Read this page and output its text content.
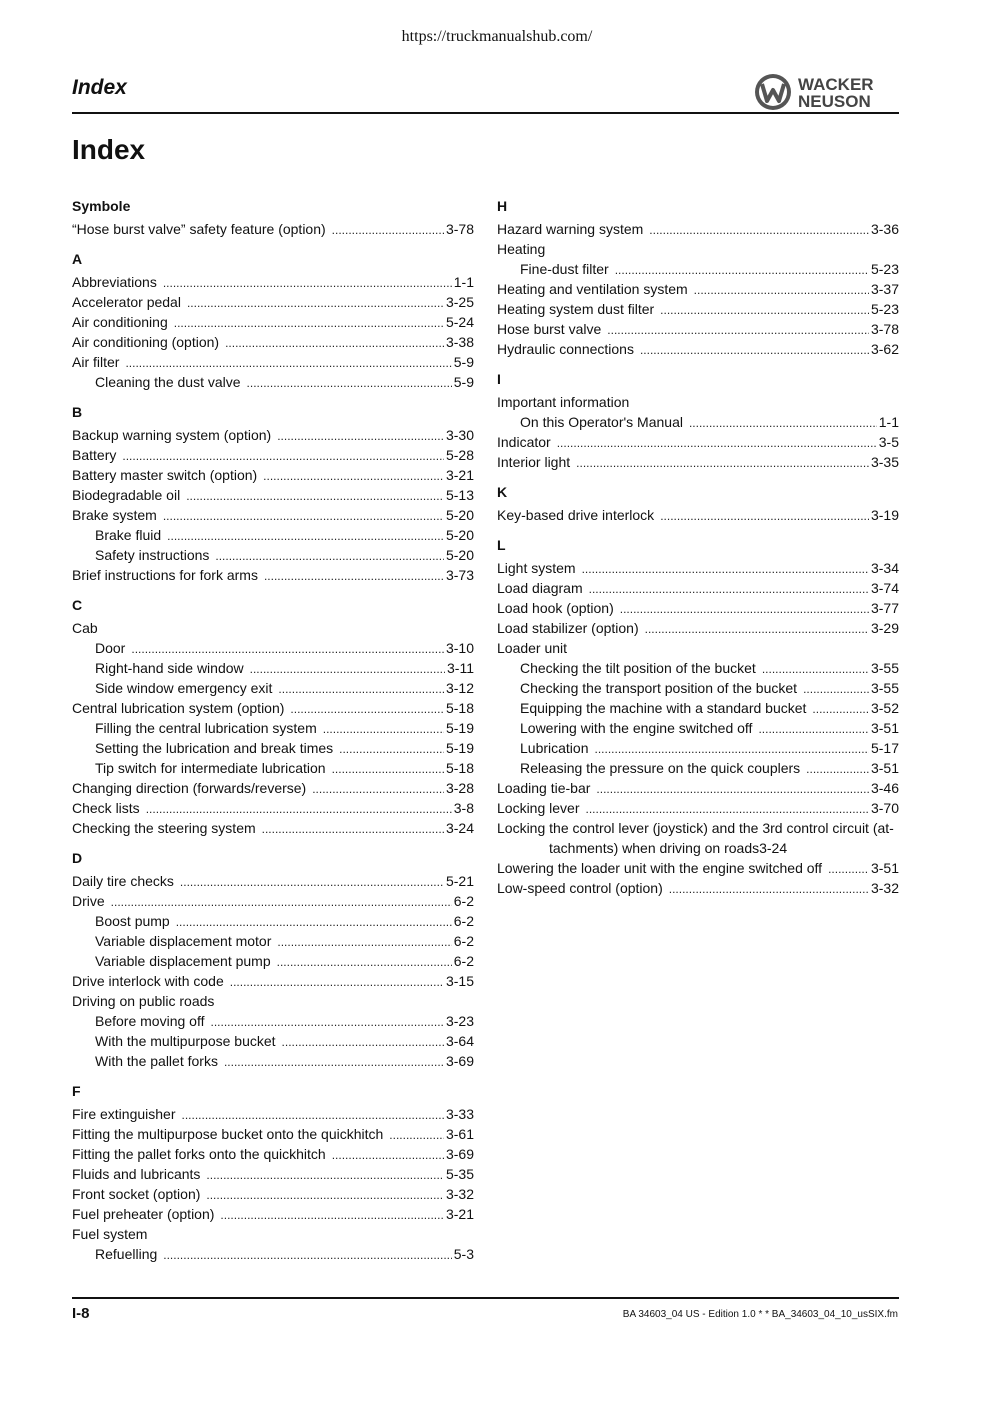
https://truckmanualshub.com/
Index	WACKER
NEUSON
Index
Symbole
“Hose burst valve” safety feature (option) .....	3-78
A
Abbreviations .....	1-1
Accelerator pedal .....	3-25
Air conditioning .....	5-24
Air conditioning (option) .....	3-38
Air filter .....	5-9
Cleaning the dust valve .....	5-9
B
Backup warning system (option) .....	3-30
Battery .....	5-28
Battery master switch (option) .....	3-21
Biodegradable oil .....	5-13
Brake system .....	5-20
Brake fluid .....	5-20
Safety instructions .....	5-20
Brief instructions for fork arms .....	3-73
C
Cab
Door .....	3-10
Right-hand side window .....	3-11
Side window emergency exit .....	3-12
Central lubrication system (option) .....	5-18
Filling the central lubrication system .....	5-19
Setting the lubrication and break times .....	5-19
Tip switch for intermediate lubrication .....	5-18
Changing direction (forwards/reverse) .....	3-28
Check lists .....	3-8
Checking the steering system .....	3-24
D
Daily tire checks .....	5-21
Drive .....	6-2
Boost pump .....	6-2
Variable displacement motor .....	6-2
Variable displacement pump .....	6-2
Drive interlock with code .....	3-15
Driving on public roads
Before moving off .....	3-23
With the multipurpose bucket .....	3-64
With the pallet forks .....	3-69
F
Fire extinguisher .....	3-33
Fitting the multipurpose bucket onto the quickhitch .....	3-61
Fitting the pallet forks onto the quickhitch .....	3-69
Fluids and lubricants .....	5-35
Front socket (option) .....	3-32
Fuel preheater (option) .....	3-21
Fuel system
Refuelling .....	5-3
H
Hazard warning system .....	3-36
Heating
Fine-dust filter .....	5-23
Heating and ventilation system .....	3-37
Heating system dust filter .....	5-23
Hose burst valve .....	3-78
Hydraulic connections .....	3-62
I
Important information
On this Operator's Manual .....	1-1
Indicator .....	3-5
Interior light .....	3-35
K
Key-based drive interlock .....	3-19
L
Light system .....	3-34
Load diagram .....	3-74
Load hook (option) .....	3-77
Load stabilizer (option) .....	3-29
Loader unit
Checking the tilt position of the bucket .....	3-55
Checking the transport position of the bucket .....	3-55
Equipping the machine with a standard bucket .....	3-52
Lowering with the engine switched off .....	3-51
Lubrication .....	5-17
Releasing the pressure on the quick couplers .....	3-51
Loading tie-bar .....	3-46
Locking lever .....	3-70
Locking the control lever (joystick) and the 3rd control circuit (at-
tachments) when driving on roads 3-24
Lowering the loader unit with the engine switched off .....	3-51
Low-speed control (option) .....	3-32
I-8	BA 34603_04 US - Edition 1.0 * * BA_34603_04_10_usSIX.fm
